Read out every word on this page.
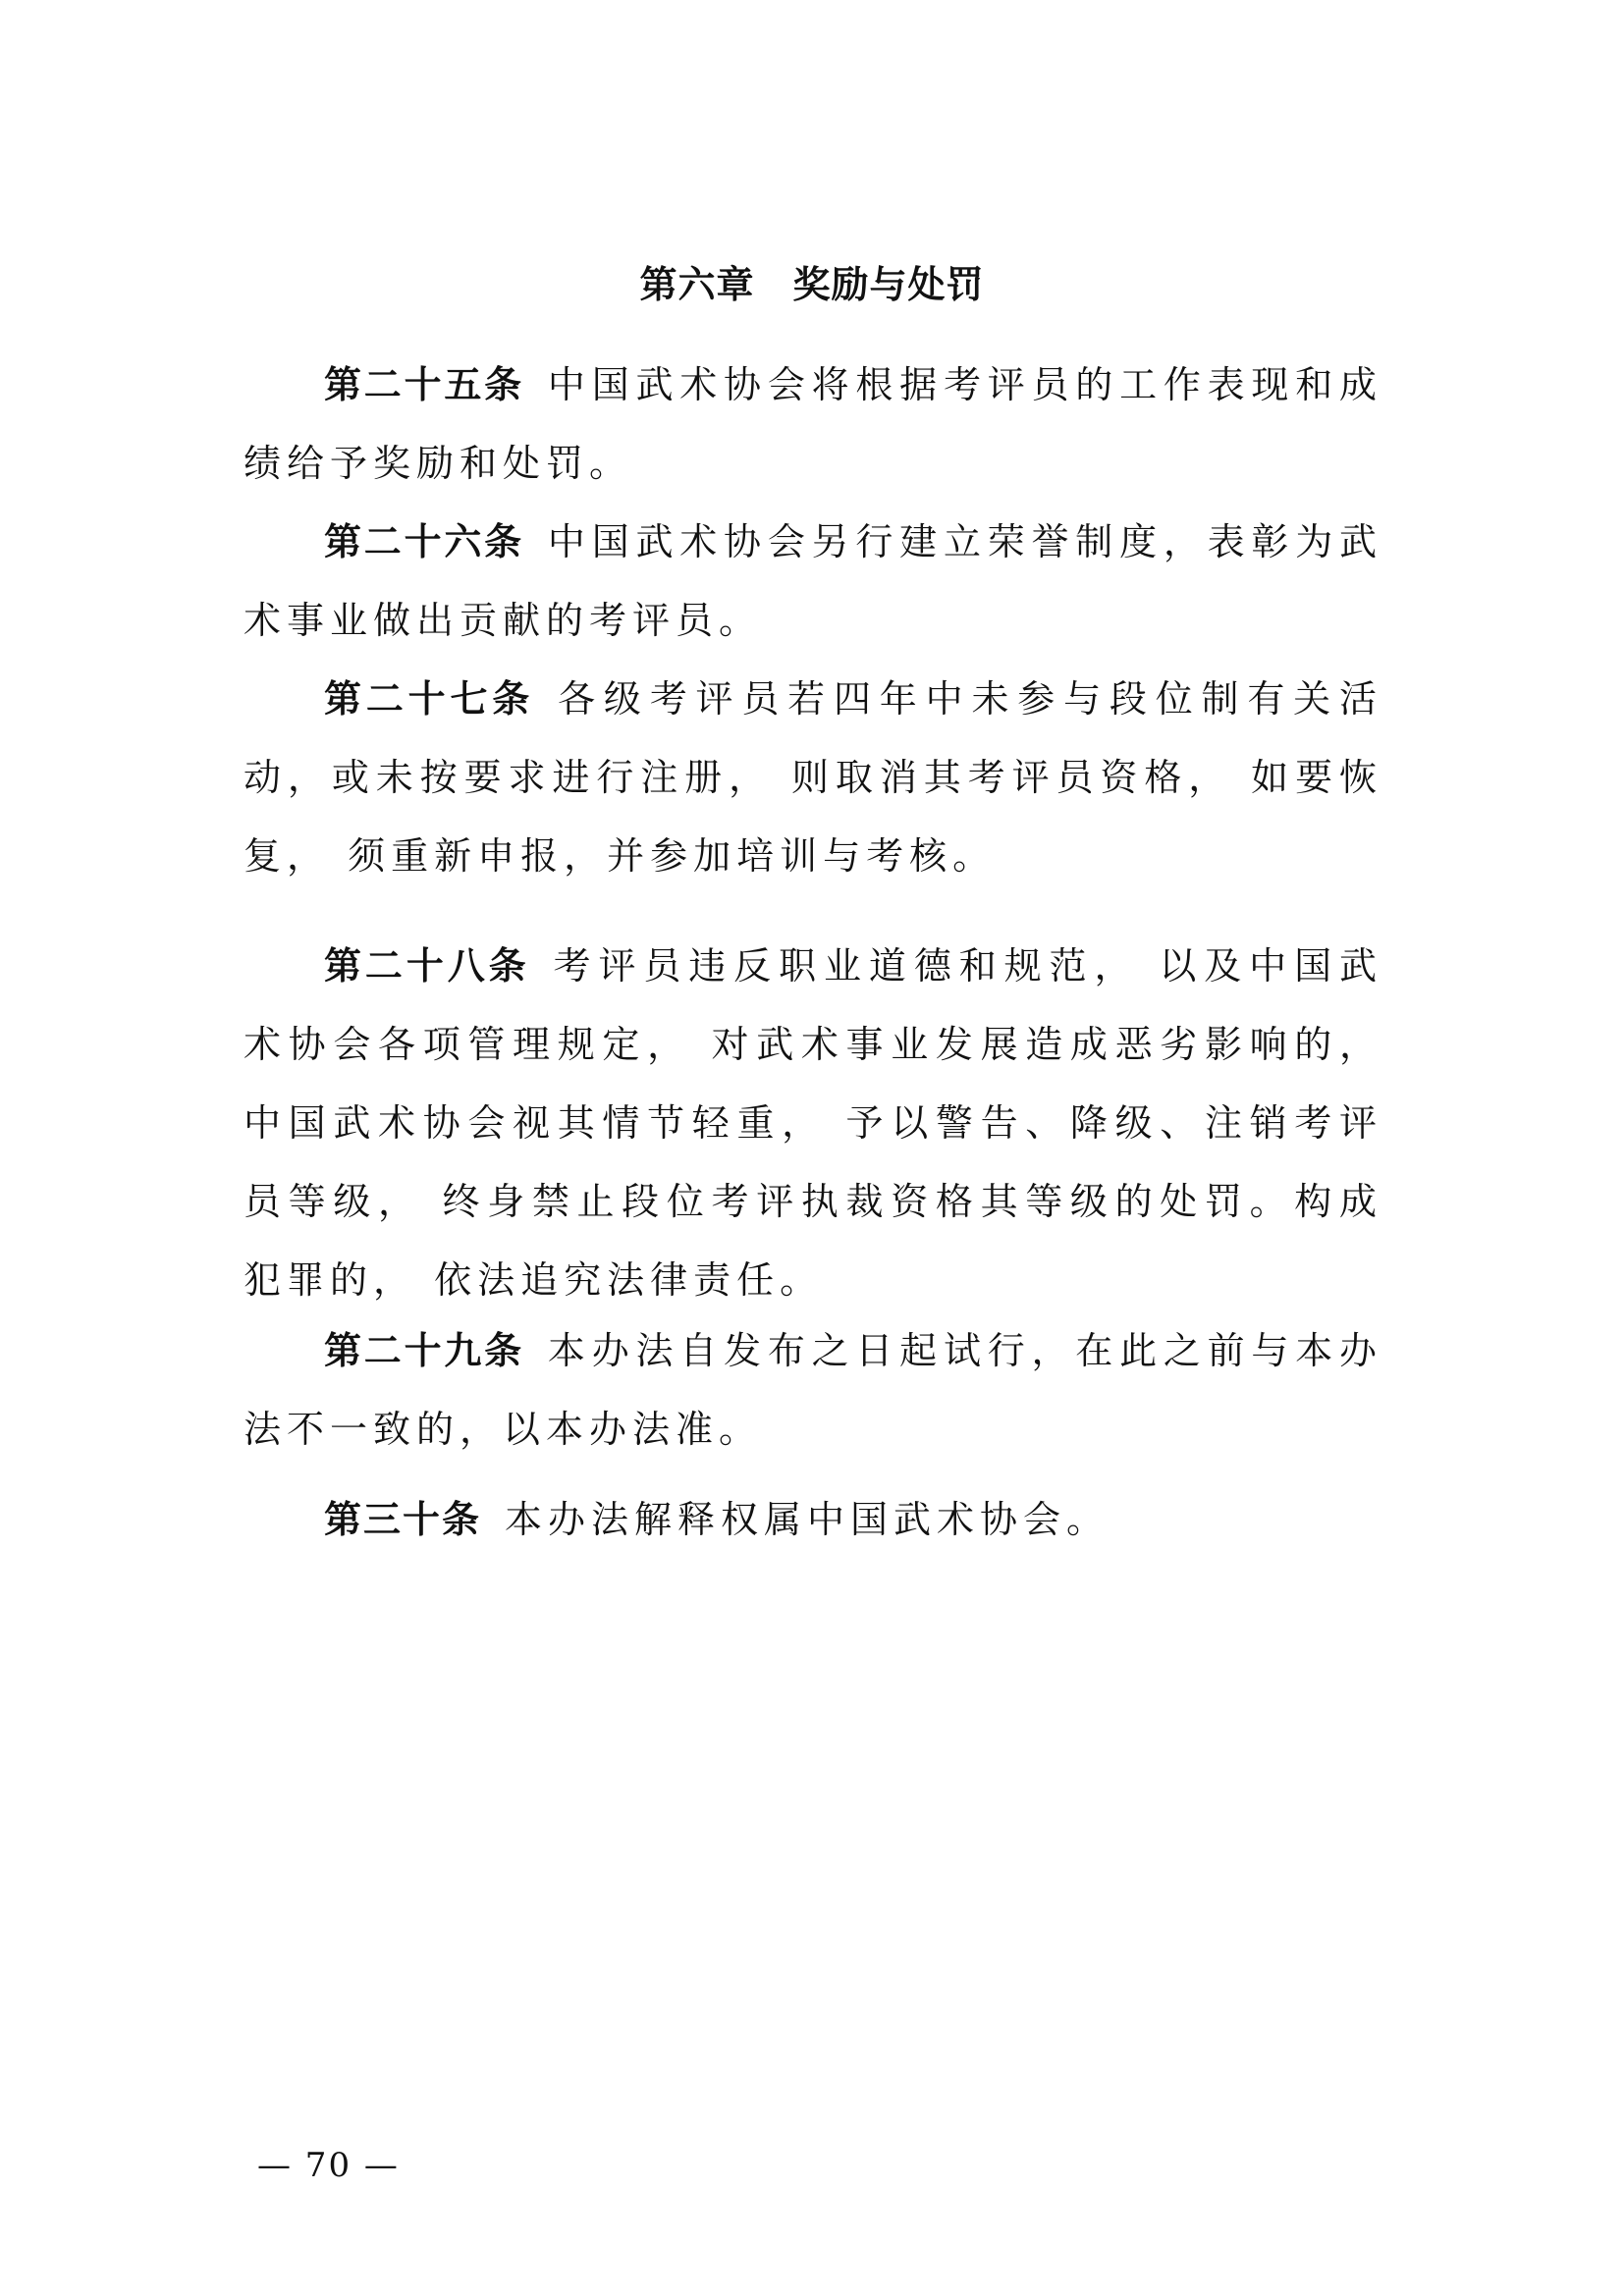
第六章　奖励与处罚

第二十五条 中国武术协会将根据考评员的工作表现和成绩给予奖励和处罚。

第二十六条 中国武术协会另行建立荣誉制度，表彰为武术事业做出贡献的考评员。

第二十七条 各级考评员若四年中未参与段位制有关活动，或未按要求进行注册， 则取消其考评员资格， 如要恢复， 须重新申报，并参加培训与考核。

第二十八条 考评员违反职业道德和规范， 以及中国武术协会各项管理规定， 对武术事业发展造成恶劣影响的， 中国武术协会视其情节轻重， 予以警告、降级、注销考评员等级， 终身禁止段位考评执裁资格其等级的处罚。构成犯罪的， 依法追究法律责任。

第二十九条 本办法自发布之日起试行，在此之前与本办法不一致的，以本办法准。

第三十条 本办法解释权属中国武术协会。

— 70 —
